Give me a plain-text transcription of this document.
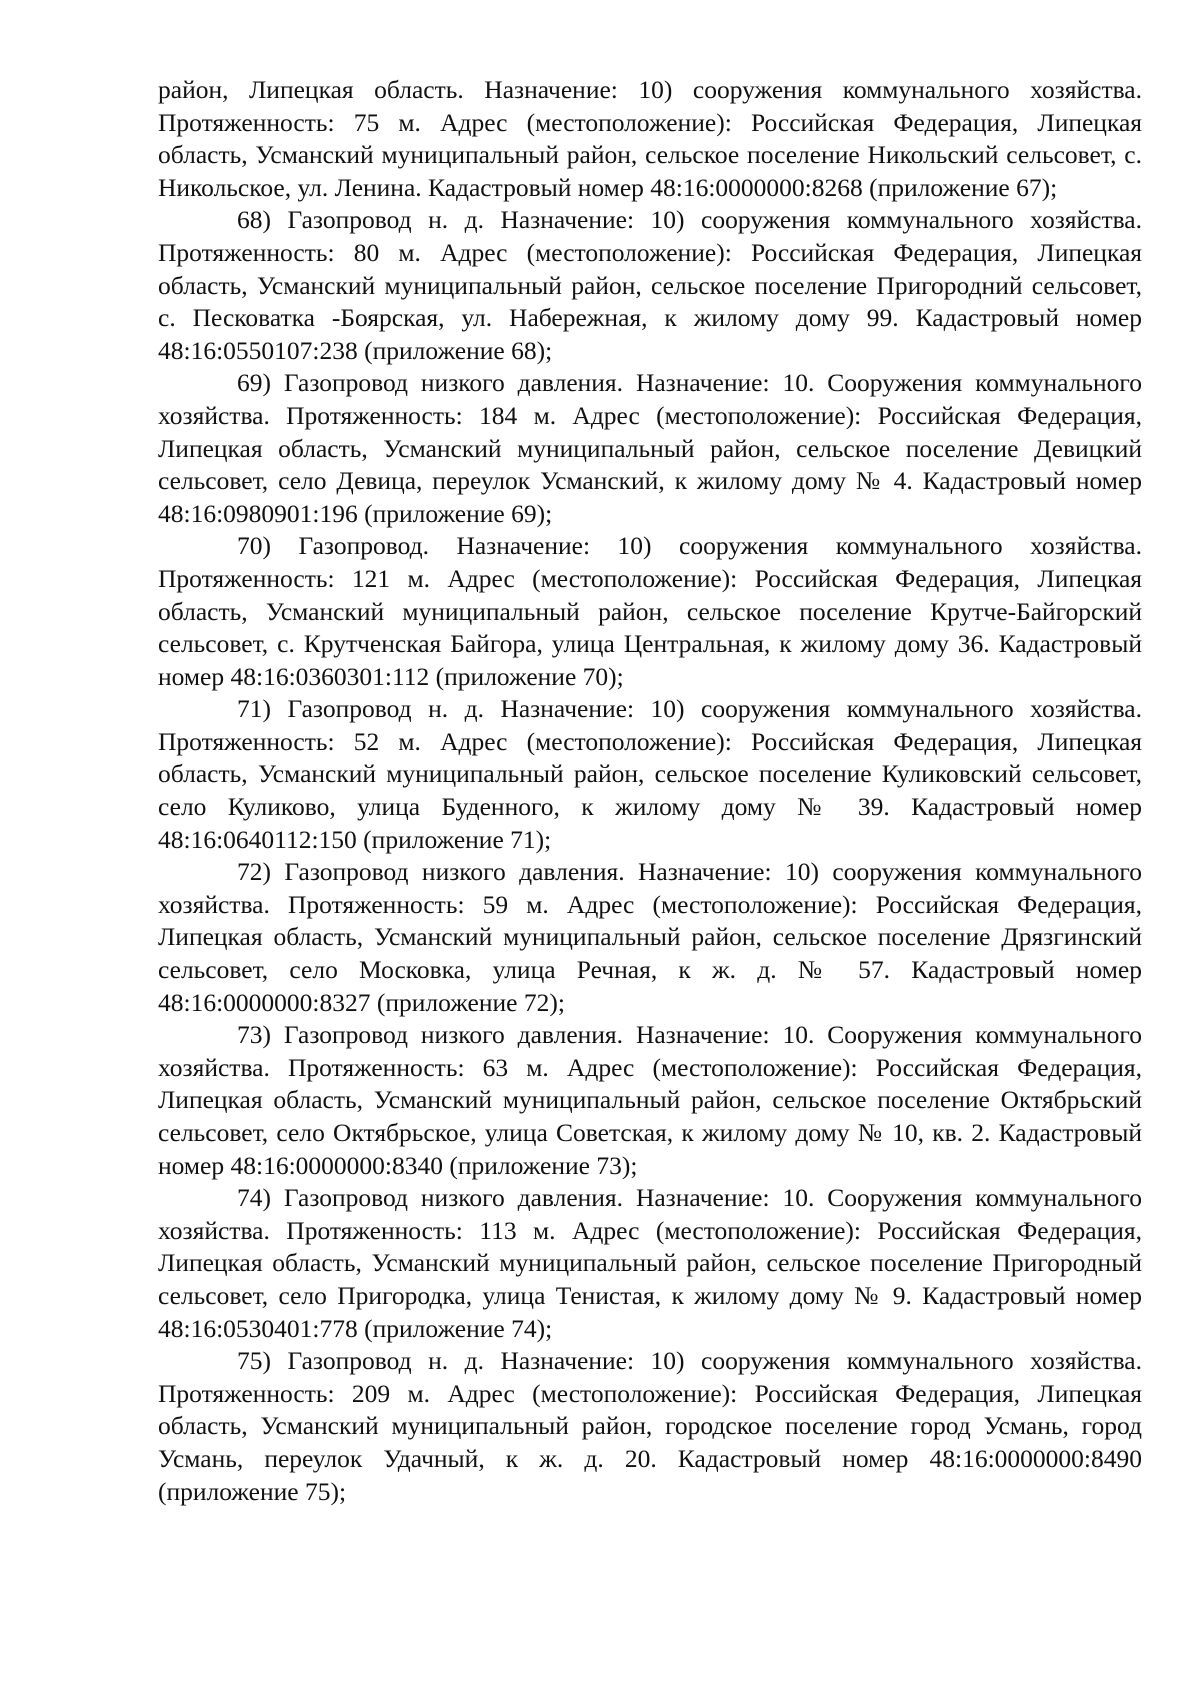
район, Липецкая область. Назначение: 10) сооружения коммунального хозяйства. Протяженность: 75 м. Адрес (местоположение): Российская Федерация, Липецкая область, Усманский муниципальный район, сельское поселение Никольский сельсовет, с. Никольское, ул. Ленина. Кадастровый номер 48:16:0000000:8268 (приложение 67);

68) Газопровод н. д. Назначение: 10) сооружения коммунального хозяйства. Протяженность: 80 м. Адрес (местоположение): Российская Федерация, Липецкая область, Усманский муниципальный район, сельское поселение Пригородний сельсовет, с. Песковатка -Боярская, ул. Набережная, к жилому дому 99. Кадастровый номер 48:16:0550107:238 (приложение 68);

69) Газопровод низкого давления. Назначение: 10. Сооружения коммунального хозяйства. Протяженность: 184 м. Адрес (местоположение): Российская Федерация, Липецкая область, Усманский муниципальный район, сельское поселение Девицкий сельсовет, село Девица, переулок Усманский, к жилому дому № 4. Кадастровый номер 48:16:0980901:196 (приложение 69);

70) Газопровод. Назначение: 10) сооружения коммунального хозяйства. Протяженность: 121 м. Адрес (местоположение): Российская Федерация, Липецкая область, Усманский муниципальный район, сельское поселение Крутче-Байгорский сельсовет, с. Крутченская Байгора, улица Центральная, к жилому дому 36. Кадастровый номер 48:16:0360301:112 (приложение 70);

71) Газопровод н. д. Назначение: 10) сооружения коммунального хозяйства. Протяженность: 52 м. Адрес (местоположение): Российская Федерация, Липецкая область, Усманский муниципальный район, сельское поселение Куликовский сельсовет, село Куликово, улица Буденного, к жилому дому № 39. Кадастровый номер 48:16:0640112:150 (приложение 71);

72) Газопровод низкого давления. Назначение: 10) сооружения коммунального хозяйства. Протяженность: 59 м. Адрес (местоположение): Российская Федерация, Липецкая область, Усманский муниципальный район, сельское поселение Дрязгинский сельсовет, село Московка, улица Речная, к ж. д. № 57. Кадастровый номер 48:16:0000000:8327 (приложение 72);

73) Газопровод низкого давления. Назначение: 10. Сооружения коммунального хозяйства. Протяженность: 63 м. Адрес (местоположение): Российская Федерация, Липецкая область, Усманский муниципальный район, сельское поселение Октябрьский сельсовет, село Октябрьское, улица Советская, к жилому дому № 10, кв. 2. Кадастровый номер 48:16:0000000:8340 (приложение 73);

74) Газопровод низкого давления. Назначение: 10. Сооружения коммунального хозяйства. Протяженность: 113 м. Адрес (местоположение): Российская Федерация, Липецкая область, Усманский муниципальный район, сельское поселение Пригородный сельсовет, село Пригородка, улица Тенистая, к жилому дому № 9. Кадастровый номер 48:16:0530401:778 (приложение 74);

75) Газопровод н. д. Назначение: 10) сооружения коммунального хозяйства. Протяженность: 209 м. Адрес (местоположение): Российская Федерация, Липецкая область, Усманский муниципальный район, городское поселение город Усмань, город Усмань, переулок Удачный, к ж. д. 20. Кадастровый номер 48:16:0000000:8490 (приложение 75);
